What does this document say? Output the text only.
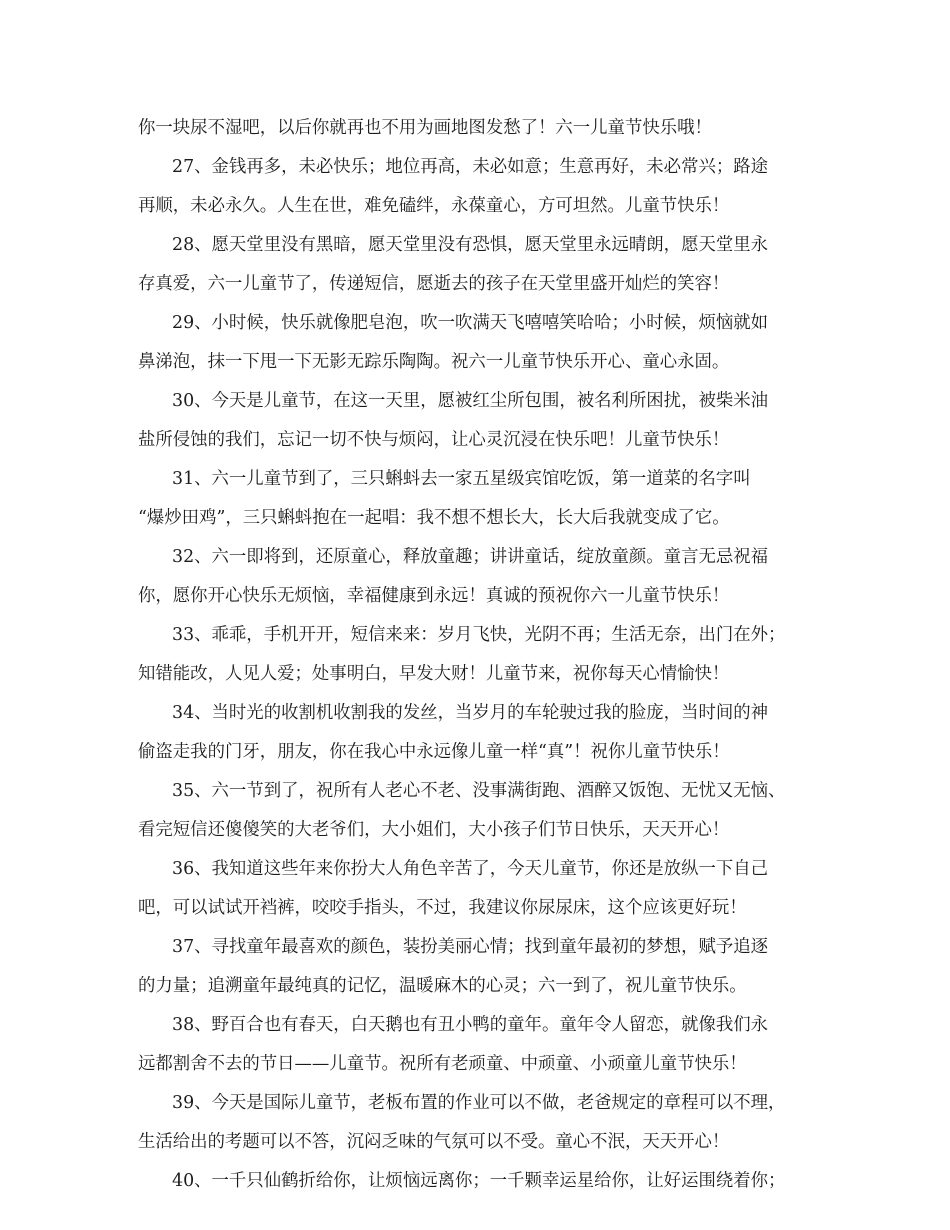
你一块尿不湿吧，以后你就再也不用为画地图发愁了！六一儿童节快乐哦！
27、金钱再多，未必快乐；地位再高，未必如意；生意再好，未必常兴；路途
再顺，未必永久。人生在世，难免磕绊，永葆童心，方可坦然。儿童节快乐！
28、愿天堂里没有黑暗，愿天堂里没有恐惧，愿天堂里永远晴朗，愿天堂里永
存真爱，六一儿童节了，传递短信，愿逝去的孩子在天堂里盛开灿烂的笑容！
29、小时候，快乐就像肥皂泡，吹一吹满天飞嘻嘻笑哈哈；小时候，烦恼就如
鼻涕泡，抹一下甩一下无影无踪乐陶陶。祝六一儿童节快乐开心、童心永固。
30、今天是儿童节，在这一天里，愿被红尘所包围，被名利所困扰，被柴米油
盐所侵蚀的我们，忘记一切不快与烦闷，让心灵沉浸在快乐吧！儿童节快乐！
31、六一儿童节到了，三只蝌蚪去一家五星级宾馆吃饭，第一道菜的名字叫
“爆炒田鸡”，三只蝌蚪抱在一起唱：我不想不想长大，长大后我就变成了它。
32、六一即将到，还原童心，释放童趣；讲讲童话，绽放童颜。童言无忌祝福
你，愿你开心快乐无烦恼，幸福健康到永远！真诚的预祝你六一儿童节快乐！
33、乖乖，手机开开，短信来来：岁月飞快，光阴不再；生活无奈，出门在外；
知错能改，人见人爱；处事明白，早发大财！儿童节来，祝你每天心情愉快！
34、当时光的收割机收割我的发丝，当岁月的车轮驶过我的脸庞，当时间的神
偷盗走我的门牙，朋友，你在我心中永远像儿童一样“真”！祝你儿童节快乐！
35、六一节到了，祝所有人老心不老、没事满街跑、酒醉又饭饱、无忧又无恼、
看完短信还傻傻笑的大老爷们，大小姐们，大小孩子们节日快乐，天天开心！
36、我知道这些年来你扮大人角色辛苦了，今天儿童节，你还是放纵一下自己
吧，可以试试开裆裤，咬咬手指头，不过，我建议你尿尿床，这个应该更好玩！
37、寻找童年最喜欢的颜色，装扮美丽心情；找到童年最初的梦想，赋予追逐
的力量；追溯童年最纯真的记忆，温暖麻木的心灵；六一到了，祝儿童节快乐。
38、野百合也有春天，白天鹅也有丑小鸭的童年。童年令人留恋，就像我们永
远都割舍不去的节日——儿童节。祝所有老顽童、中顽童、小顽童儿童节快乐！
39、今天是国际儿童节，老板布置的作业可以不做，老爸规定的章程可以不理，
生活给出的考题可以不答，沉闷乏味的气氛可以不受。童心不泯，天天开心！
40、一千只仙鹤折给你，让烦恼远离你；一千颗幸运星给你，让好运围绕着你；
